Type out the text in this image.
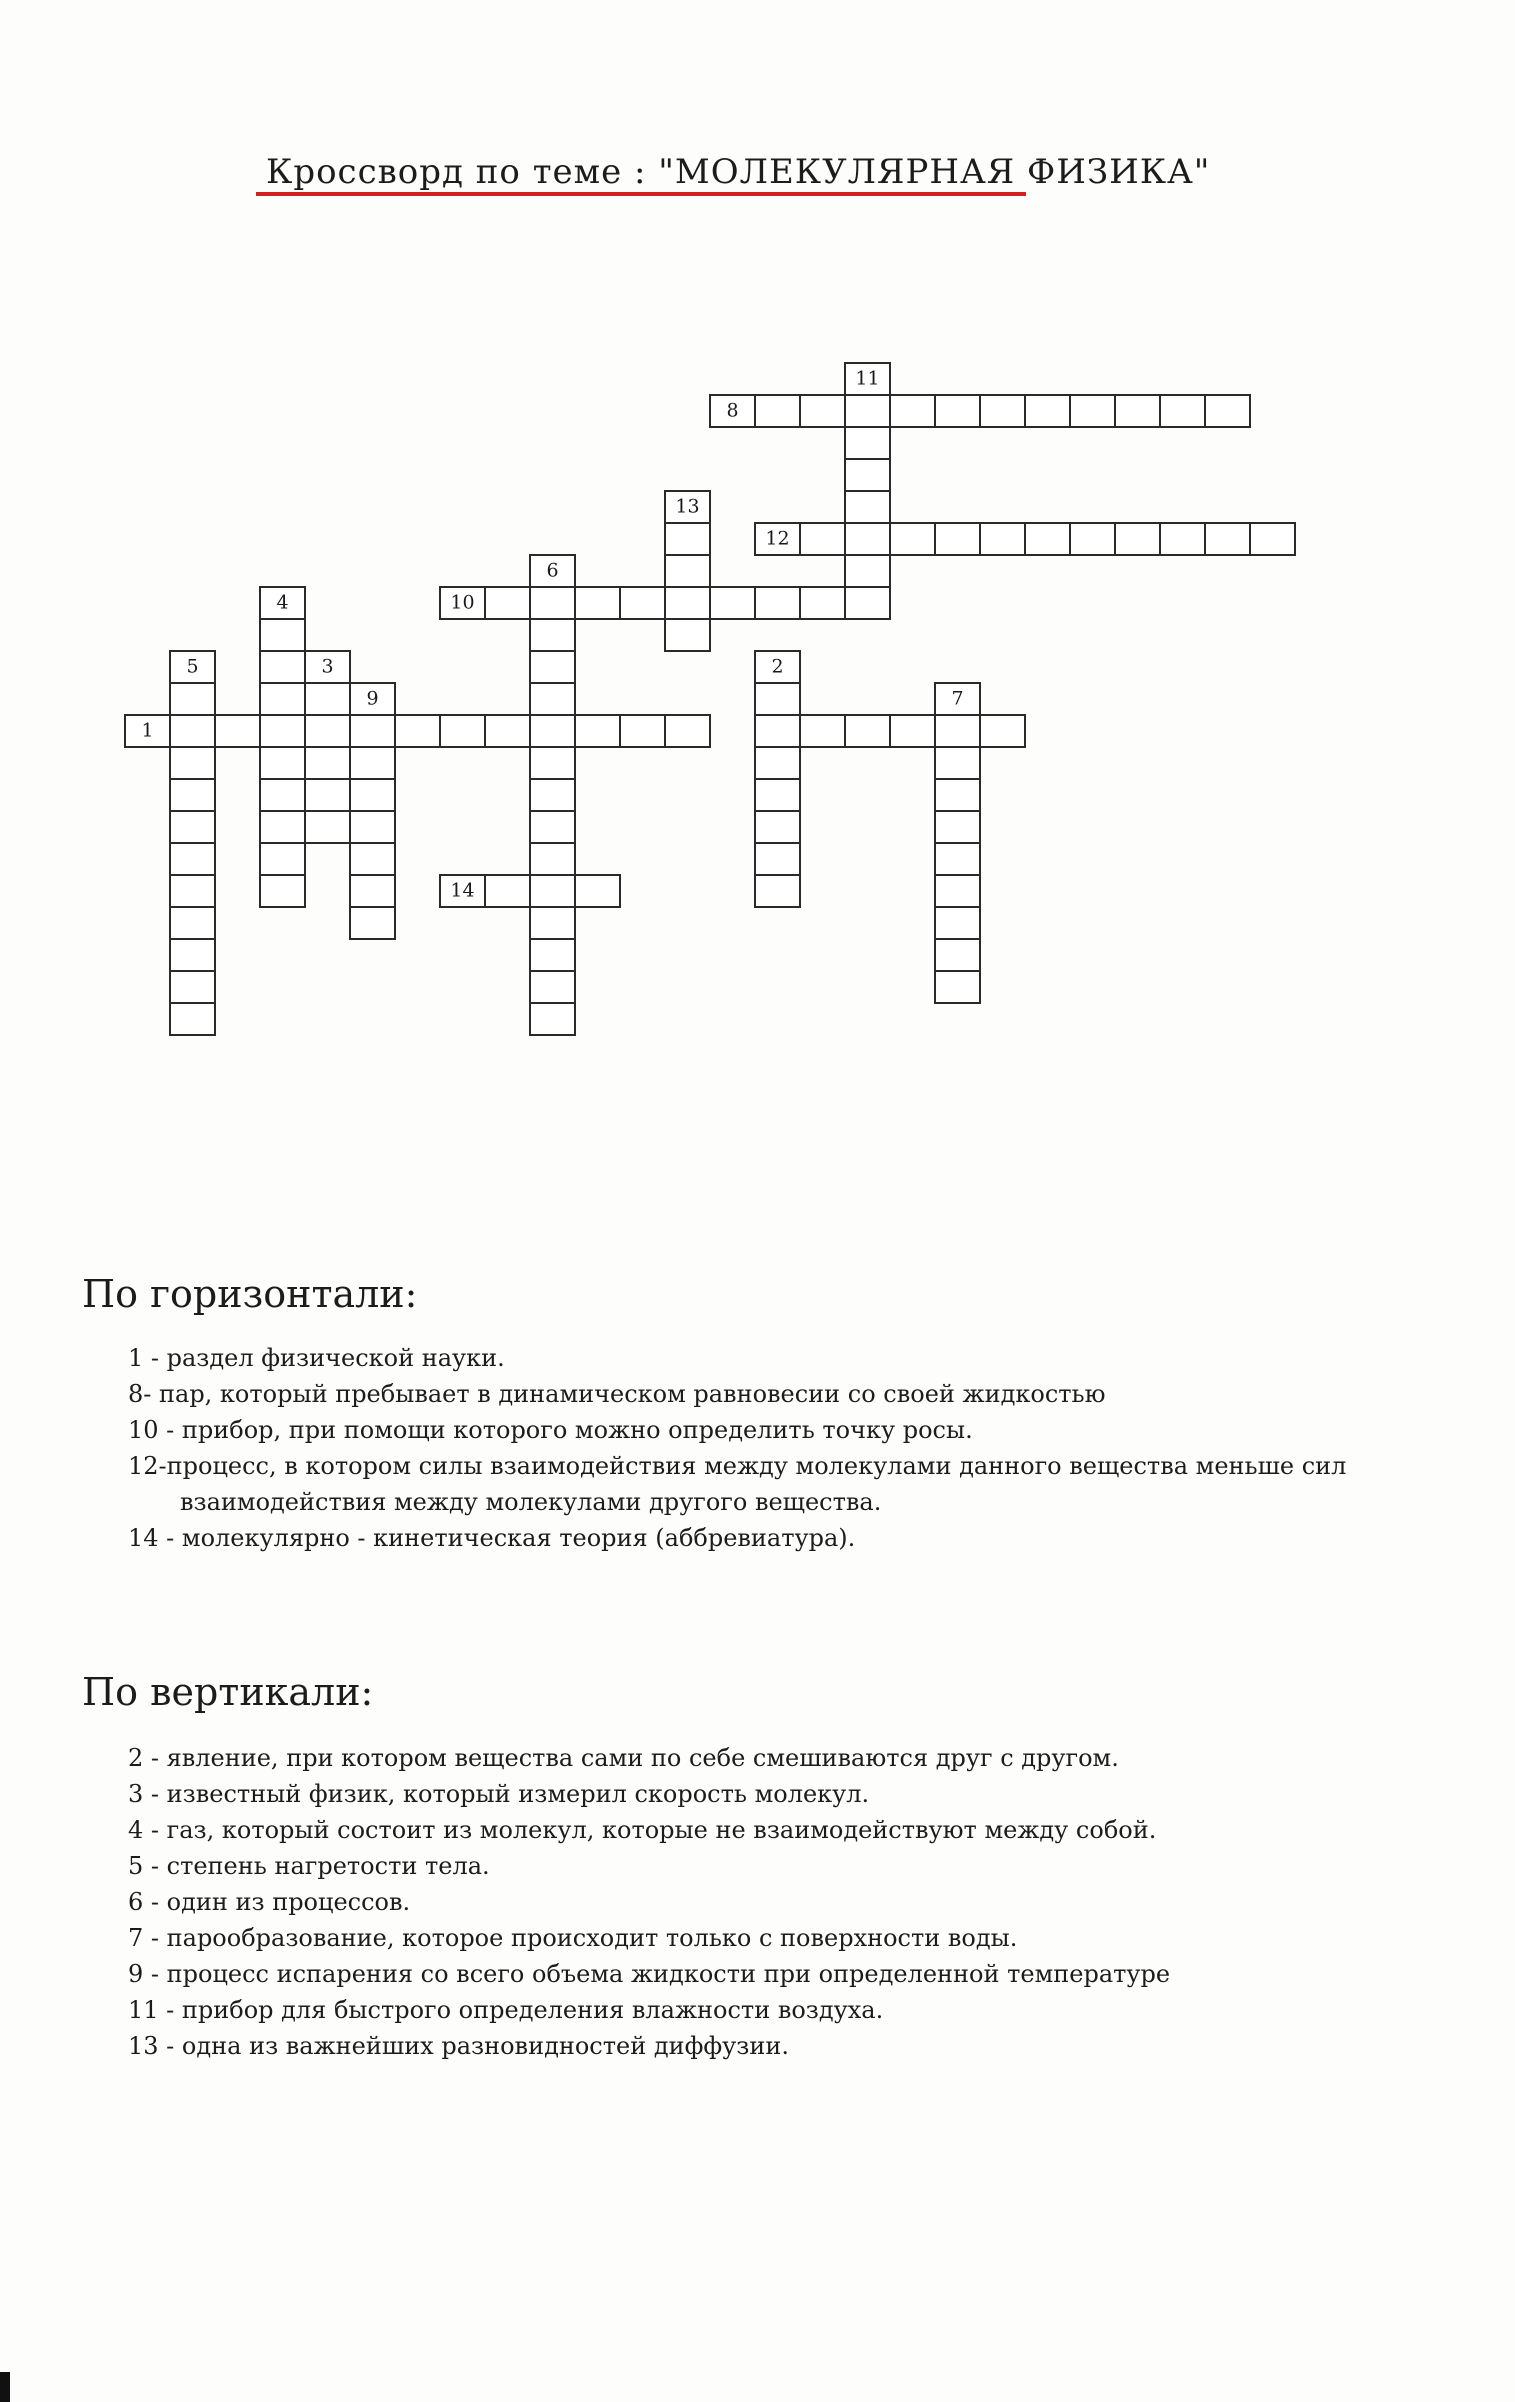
Кроссворд по теме : "МОЛЕКУЛЯРНАЯ ФИЗИКА"
1
8
10
12
14
2
3
4
5
6
7
9
11
13
По горизонтали:
1 - раздел физической науки.
8- пар, который пребывает в динамическом равновесии со своей жидкостью
10 - прибор, при помощи которого можно определить точку росы.
12-процесс, в котором силы взаимодействия между молекулами данного вещества меньше сил взаимодействия между молекулами другого вещества.
14 - молекулярно - кинетическая теория (аббревиатура).
По вертикали:
2 - явление, при котором вещества сами по себе смешиваются друг с другом.
3 - известный физик, который измерил скорость молекул.
4 - газ, который состоит из молекул, которые не взаимодействуют между собой.
5 - степень нагретости тела.
6 - один из процессов.
7 - парообразование, которое происходит только с поверхности воды.
9 - процесс испарения со всего объема жидкости при определенной температуре
11 - прибор для быстрого определения влажности воздуха.
13 - одна из важнейших разновидностей диффузии.
